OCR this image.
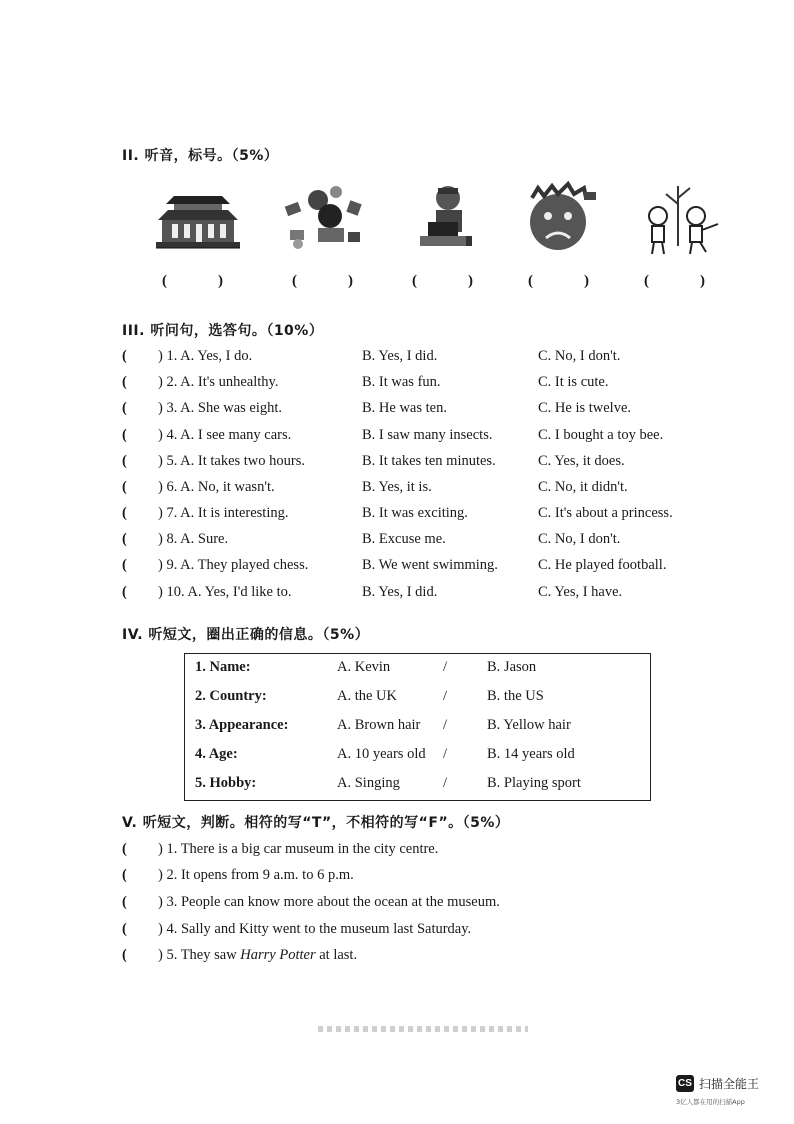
II. 听音，标号。（5%）
(	)	(	)	(	)	(	)	(	)
III. 听问句，选答句。（10%）
( ) 1. A. Yes, I do.	B. Yes, I did.	C. No, I don't.
( ) 2. A. It's unhealthy.	B. It was fun.	C. It is cute.
( ) 3. A. She was eight.	B. He was ten.	C. He is twelve.
( ) 4. A. I see many cars.	B. I saw many insects.	C. I bought a toy bee.
( ) 5. A. It takes two hours.	B. It takes ten minutes.	C. Yes, it does.
( ) 6. A. No, it wasn't.	B. Yes, it is.	C. No, it didn't.
( ) 7. A. It is interesting.	B. It was exciting.	C. It's about a princess.
( ) 8. A. Sure.	B. Excuse me.	C. No, I don't.
( ) 9. A. They played chess.	B. We went swimming.	C. He played football.
( ) 10. A. Yes, I'd like to.	B. Yes, I did.	C. Yes, I have.
IV. 听短文，圈出正确的信息。（5%）
1. Name:	A. Kevin	/	B. Jason
2. Country:	A. the UK	/	B. the US
3. Appearance:	A. Brown hair /	B. Yellow hair
4. Age:	A. 10 years old /	B. 14 years old
5. Hobby:	A. Singing	/	B. Playing sport
V. 听短文，判断。相符的写“T”，不相符的写“F”。（5%）
( ) 1. There is a big car museum in the city centre.
( ) 2. It opens from 9 a.m. to 6 p.m.
( ) 3. People can know more about the ocean at the museum.
( ) 4. Sally and Kitty went to the museum last Saturday.
( ) 5. They saw Harry Potter at last.
CS 扫描全能王
3亿人都在用的扫描App
